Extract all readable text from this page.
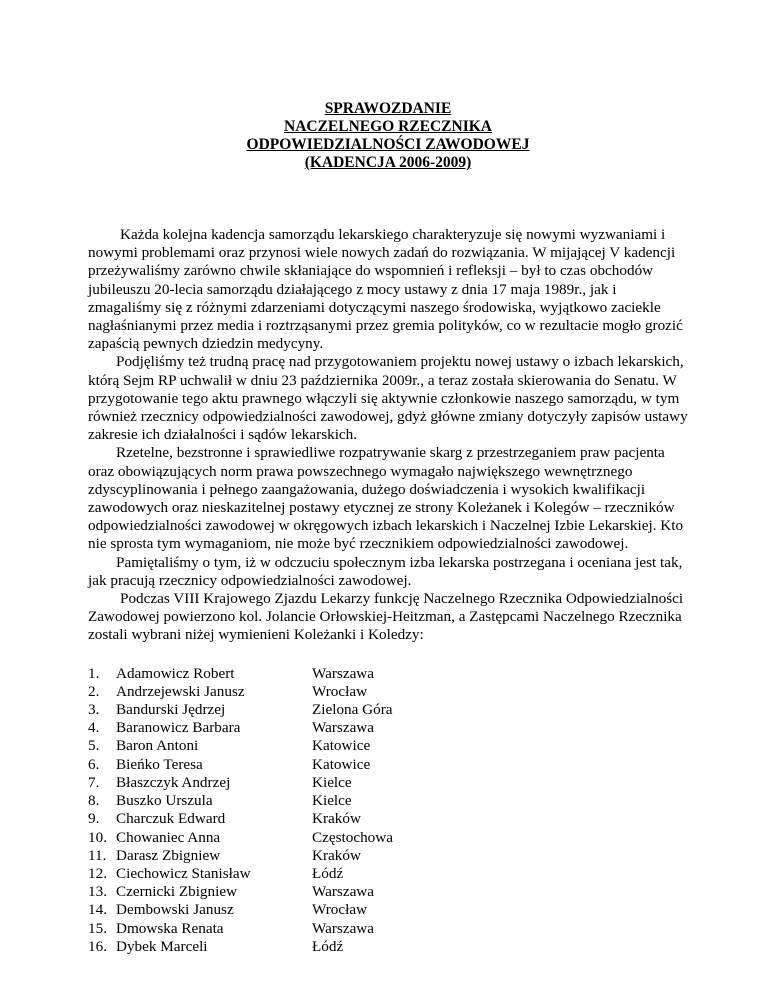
SPRAWOZDANIE
NACZELNEGO RZECZNIKA
ODPOWIEDZIALNOŚCI ZAWODOWEJ
(KADENCJA 2006-2009)

Każda kolejna kadencja samorządu lekarskiego charakteryzuje się nowymi wyzwaniami i nowymi problemami oraz przynosi wiele nowych zadań do rozwiązania. W mijającej V kadencji przeżywaliśmy zarówno chwile skłaniające do wspomnień i refleksji – był to czas obchodów jubileuszu 20-lecia samorządu działającego z mocy ustawy z dnia 17 maja 1989r., jak i zmagaliśmy się z różnymi zdarzeniami dotyczącymi naszego środowiska, wyjątkowo zaciekle nagłaśnianymi przez media i roztrząsanymi przez gremia polityków, co w rezultacie mogło grozić zapaścią pewnych dziedzin medycyny.

Podjęliśmy też trudną pracę nad przygotowaniem projektu nowej ustawy o izbach lekarskich, którą Sejm RP uchwalił w dniu 23 października 2009r., a teraz została skierowania do Senatu. W przygotowanie tego aktu prawnego włączyli się aktywnie członkowie naszego samorządu, w tym również rzecznicy odpowiedzialności zawodowej, gdyż główne zmiany dotyczyły zapisów ustawy zakresie ich działalności i sądów lekarskich.

Rzetelne, bezstronne i sprawiedliwe rozpatrywanie skarg z przestrzeganiem praw pacjenta oraz obowiązujących norm prawa powszechnego wymagało największego wewnętrznego zdyscyplinowania i pełnego zaangażowania, dużego doświadczenia i wysokich kwalifikacji zawodowych oraz nieskazitelnej postawy etycznej ze strony Koleżanek i Kolegów – rzeczników odpowiedzialności zawodowej w okręgowych izbach lekarskich i Naczelnej Izbie Lekarskiej. Kto nie sprosta tym wymaganiom, nie może być rzecznikiem odpowiedzialności zawodowej.

Pamiętaliśmy o tym, iż w odczuciu społecznym izba lekarska postrzegana i oceniana jest tak, jak pracują rzecznicy odpowiedzialności zawodowej.

Podczas VIII Krajowego Zjazdu Lekarzy funkcję Naczelnego Rzecznika Odpowiedzialności Zawodowej powierzono kol. Jolancie Orłowskiej-Heitzman, a Zastępcami Naczelnego Rzecznika zostali wybrani niżej wymienieni Koleżanki i Koledzy:

1.	Adamowicz Robert	Warszawa
2.	Andrzejewski Janusz	Wrocław
3.	Bandurski Jędrzej	Zielona Góra
4.	Baranowicz Barbara	Warszawa
5.	Baron Antoni	Katowice
6.	Bieńko Teresa	Katowice
7.	Błaszczyk Andrzej	Kielce
8.	Buszko Urszula	Kielce
9.	Charczuk Edward	Kraków
10. Chowaniec Anna	Częstochowa
11. Darasz Zbigniew	Kraków
12. Ciechowicz Stanisław	Łódź
13. Czernicki Zbigniew	Warszawa
14. Dembowski Janusz	Wrocław
15. Dmowska Renata	Warszawa
16. Dybek Marceli	Łódź
